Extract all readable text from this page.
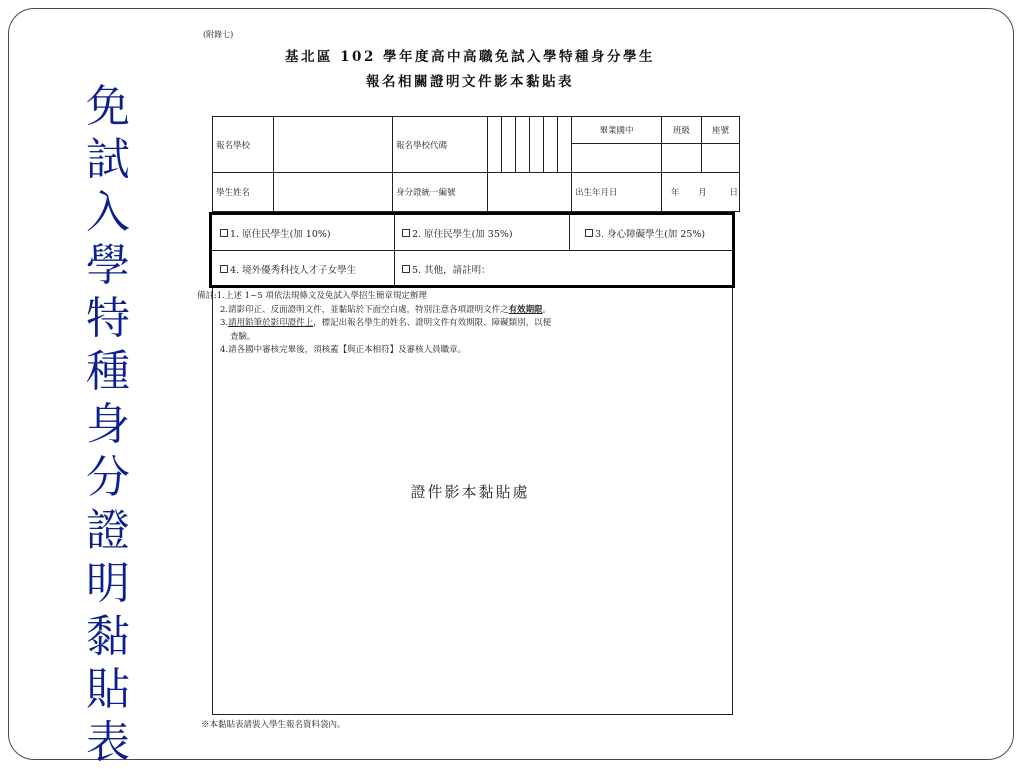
免
試
入
學
特
種
身
分
證
明
黏
貼
表
(附錄七)
基北區 102 學年度高中高職免試入學特種身分學生
報名相關證明文件影本黏貼表
報名學校		報名學校代碼							畢業國中	班級	座號

學生姓名		身分證統一編號							出生年月日	年 月 日	
1. 原住民學生(加 10%)	2. 原住民學生(加 35%)	3. 身心障礙學生(加 25%)
4. 境外優秀科技人才子女學生	5. 其他，請註明：
備註:1.上述 1~5 項依法規條文及免試入學招生簡章規定辦理
2.請影印正、反面證明文件，並黏貼於下面空白處，特別注意各項證明文件之有效期限。
3.請用鉛筆於影印證件上，標記出報名學生的姓名、證明文件有效期限、障礙類別，以便
查驗。
4.請各國中審核完畢後，須核蓋【與正本相符】及審核人員職章。
證件影本黏貼處
※本黏貼表請裝入學生報名資料袋內。
